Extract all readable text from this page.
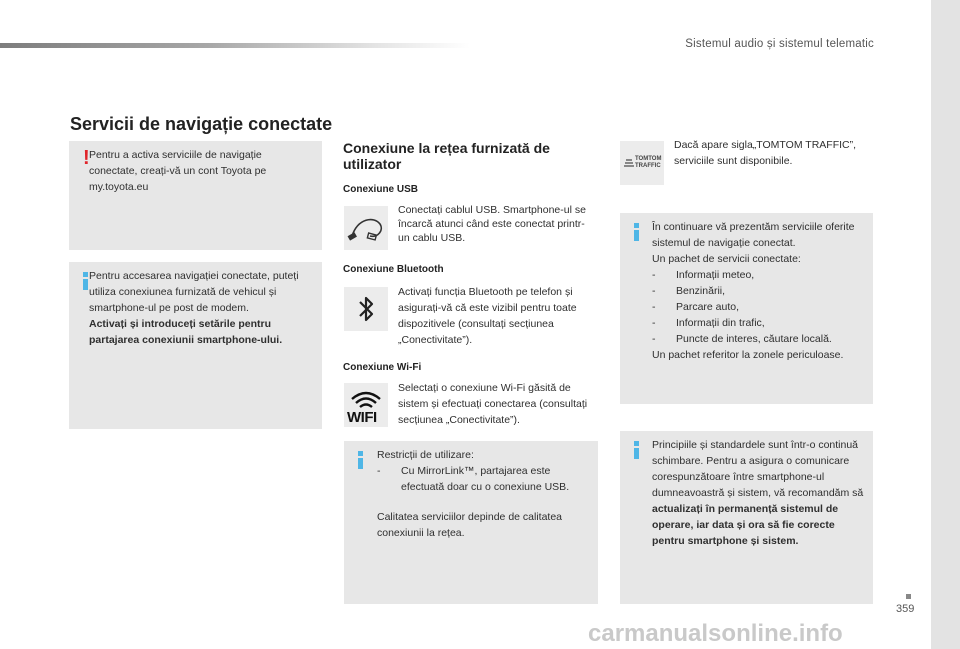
Sistemul audio și sistemul telematic
359
carmanualsonline.info
Servicii de navigație conectate
! Pentru a activa serviciile de navigație conectate, creați-vă un cont Toyota pe my.toyota.eu

Pentru accesarea navigației conectate, puteți utiliza conexiunea furnizată de vehicul și smartphone-ul pe post de modem.

Activați și introduceți setările pentru partajarea conexiunii smartphone-ului.

Conexiune la rețea furnizată de utilizator
Conexiune USB

Conectați cablul USB. Smartphone-ul se încarcă atunci când este conectat printr-un cablu USB.

Conexiune Bluetooth

Activați funcția Bluetooth pe telefon și asigurați-vă că este vizibil pentru toate dispozitivele (consultați secțiunea „Conectivitate”).

Conexiune Wi-Fi
WIFI

Selectați o conexiune Wi-Fi găsită de sistem și efectuați conectarea (consultați secțiunea „Conectivitate”).

Restricții de utilizare:

- Cu MirrorLink™, partajarea este efectuată doar cu o conexiune USB.

Calitatea serviciilor depinde de calitatea conexiunii la rețea.

TOMTOM TRAFFIC

Dacă apare sigla„TOMTOM TRAFFIC”, serviciile sunt disponibile.

În continuare vă prezentăm serviciile oferite sistemul de navigație conectat.

Un pachet de servicii conectate:

- Informații meteo,
- Benzinării,
- Parcare auto,
- Informații din trafic,
- Puncte de interes, căutare locală.

Un pachet referitor la zonele periculoase.

Principiile și standardele sunt într-o continuă schimbare. Pentru a asigura o comunicare corespunzătoare între smartphone-ul dumneavoastră și sistem, vă recomandăm să actualizați în permanență sistemul de operare, iar data și ora să fie corecte pentru smartphone și sistem.
